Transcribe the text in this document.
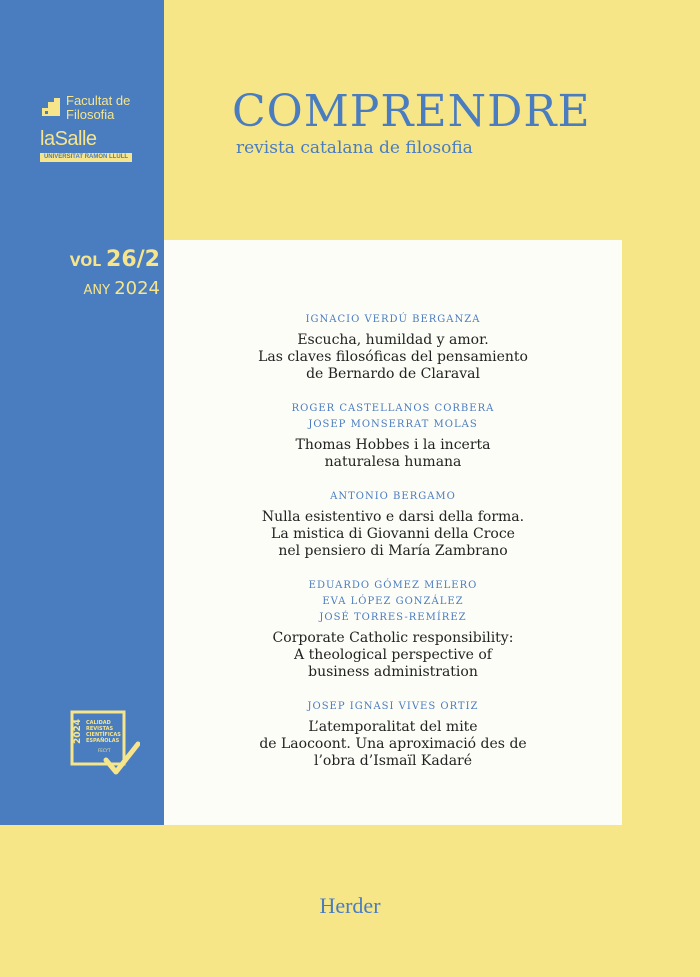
Facultat de
Filosofia
laSalle
UNIVERSITAT RAMON LLULL
VOL 26/2
ANY 2024
COMPRENDRE
revista catalana de filosofia
IGNACIO VERDÚ BERGANZA
Escucha, humildad y amor.
Las claves filosóficas del pensamiento
de Bernardo de Claraval
ROGER CASTELLANOS CORBERA
JOSEP MONSERRAT MOLAS
Thomas Hobbes i la incerta
naturalesa humana
ANTONIO BERGAMO
Nulla esistentivo e darsi della forma.
La mistica di Giovanni della Croce
nel pensiero di María Zambrano
EDUARDO GÓMEZ MELERO
EVA LÓPEZ GONZÁLEZ
JOSÉ TORRES-REMÍREZ
Corporate Catholic responsibility:
A theological perspective of
business administration
JOSEP IGNASI VIVES ORTIZ
L’atemporalitat del mite
de Laocoont. Una aproximació des de
l’obra d’Ismaïl Kadaré
2024 CALIDAD
REVISTAS
CIENTÍFICAS
ESPAÑOLAS
FECYT
Herder
